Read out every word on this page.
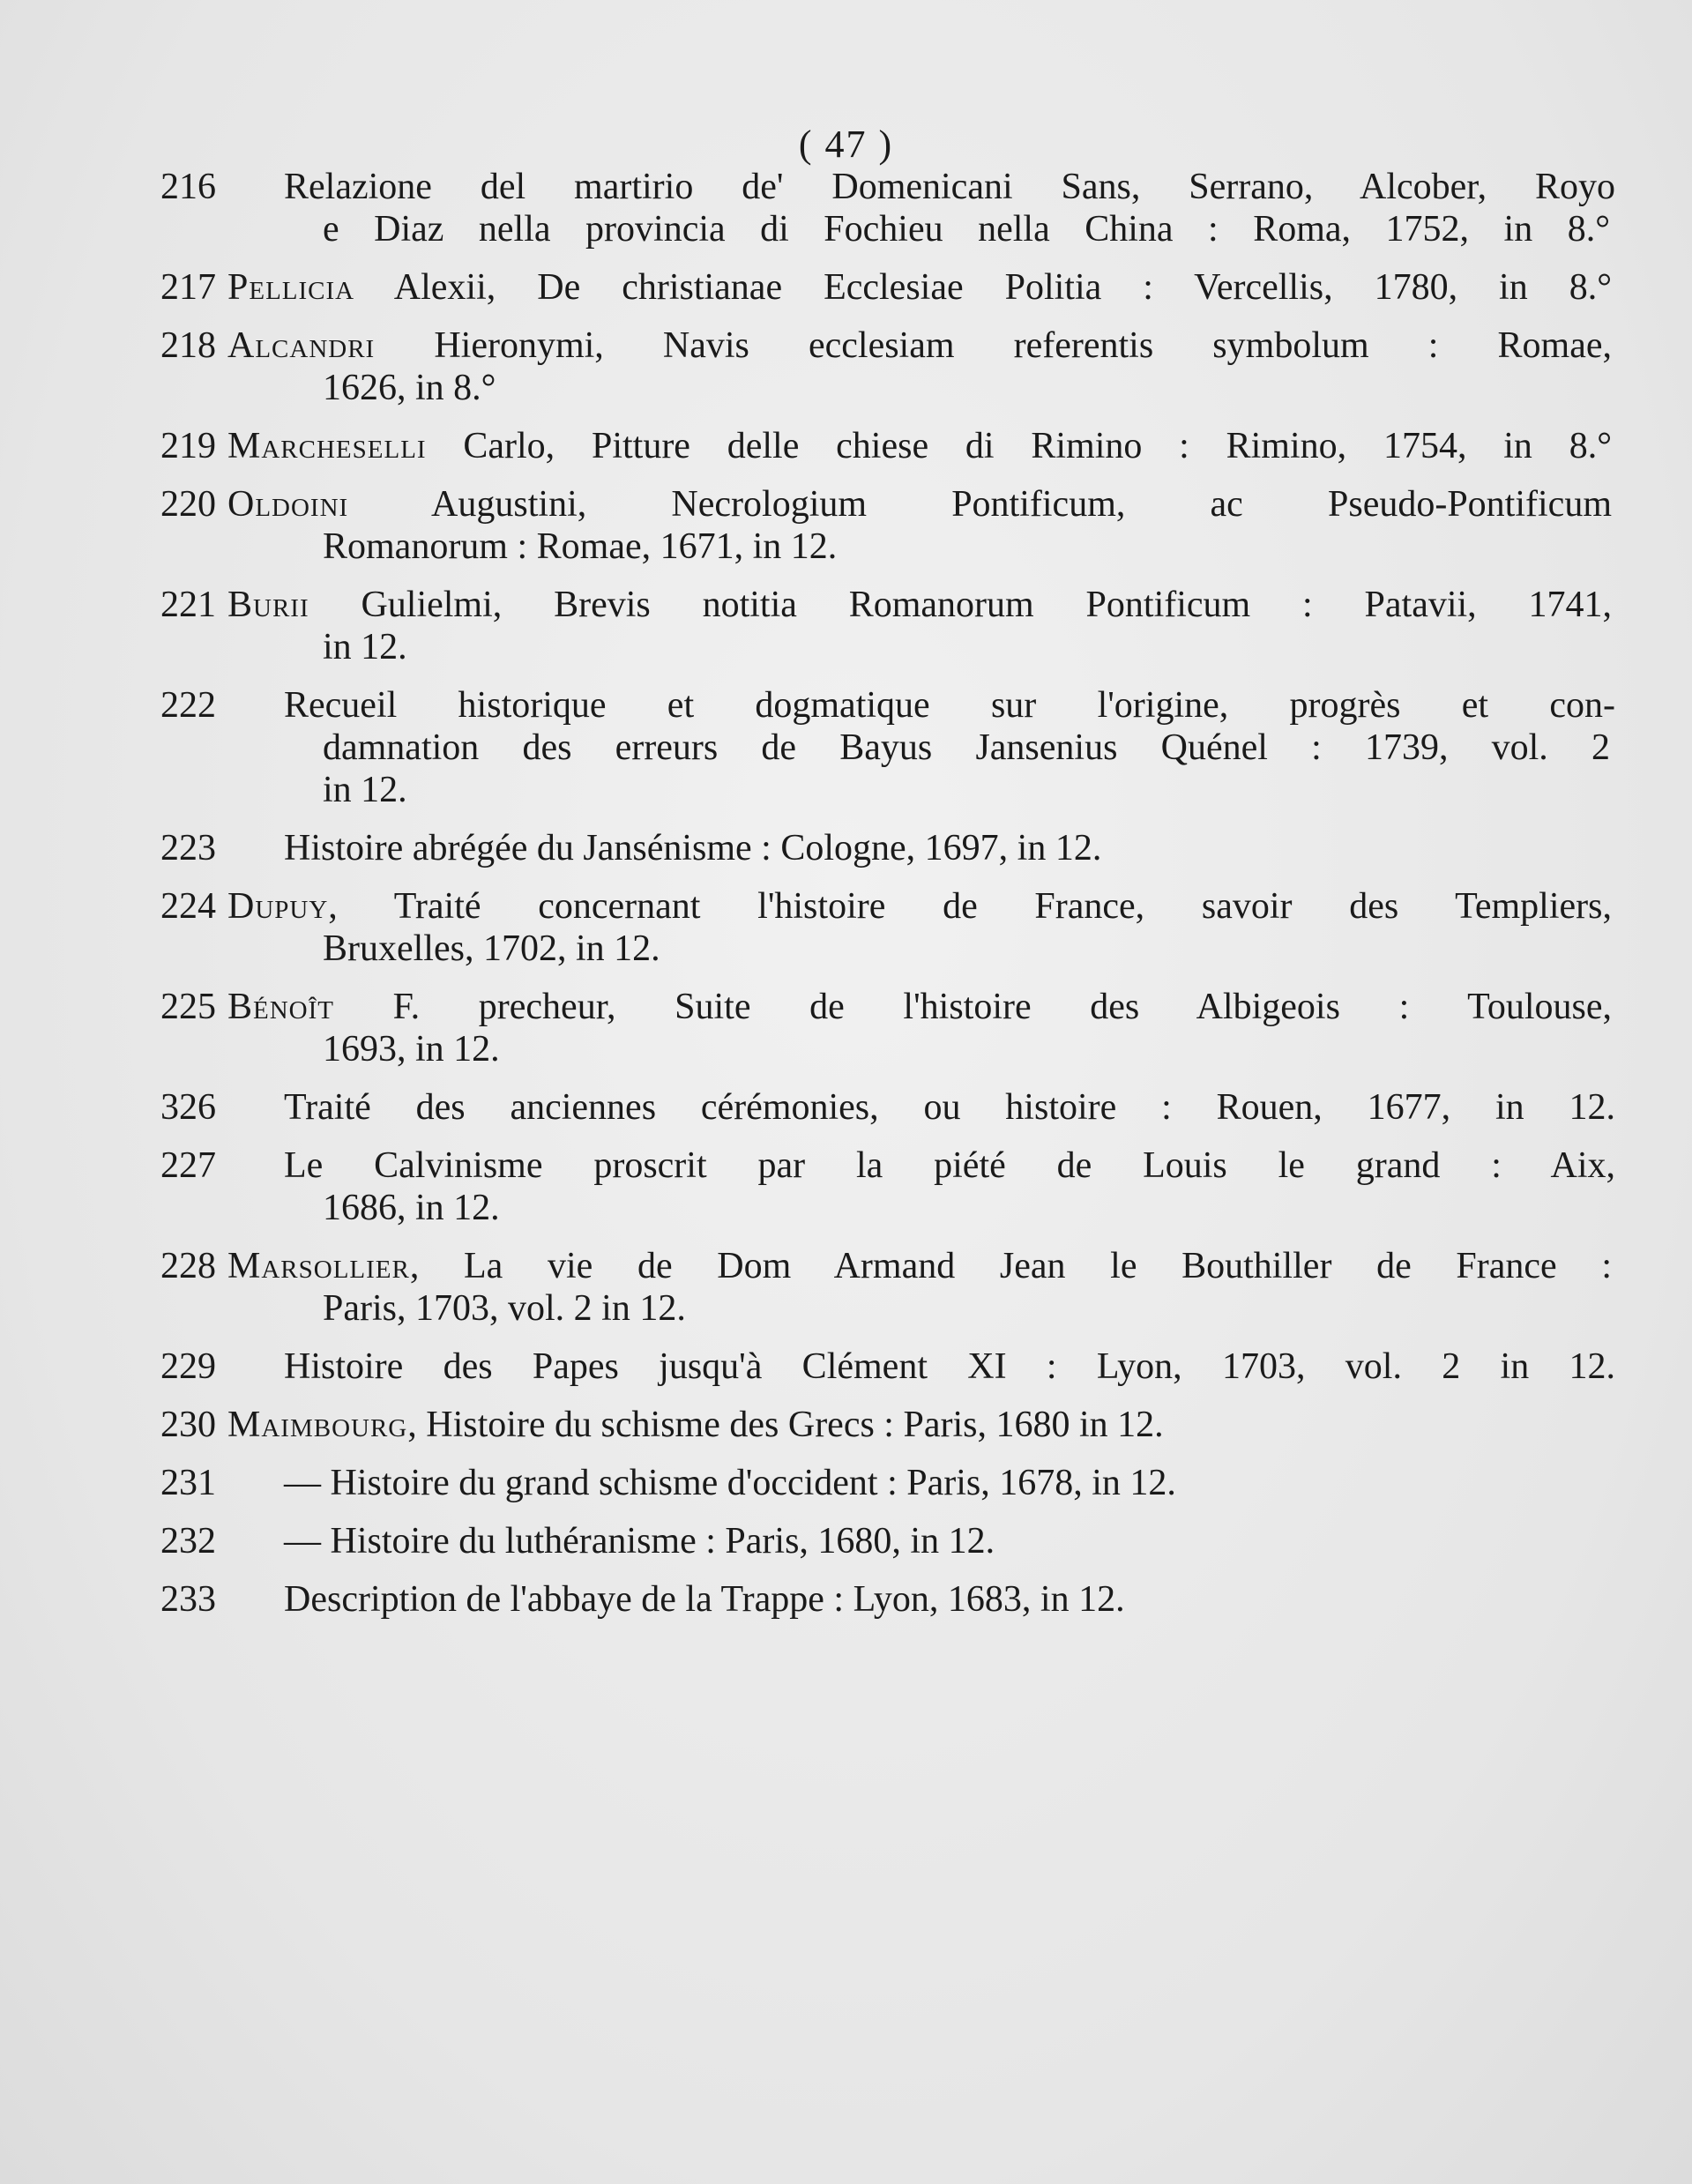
( 47 )
216	Relazione del martirio de' Domenicani Sans, Serrano, Alcober, Royo
e Diaz nella provincia di Fochieu nella China : Roma, 1752, in 8.°
217 Pellicia Alexii, De christianae Ecclesiae Politia : Vercellis, 1780, in 8.°
218 Alcandri Hieronymi, Navis ecclesiam referentis symbolum : Romae,
1626, in 8.°
219 Marcheselli Carlo, Pitture delle chiese di Rimino : Rimino, 1754, in 8.°
220 Oldoini Augustini, Necrologium Pontificum, ac Pseudo-Pontificum
Romanorum : Romae, 1671, in 12.
221 Burii Gulielmi, Brevis notitia Romanorum Pontificum : Patavii, 1741,
in 12.
222	Recueil historique et dogmatique sur l'origine, progrès et con-
damnation des erreurs de Bayus Jansenius Quénel : 1739, vol. 2
in 12.
223	Histoire abrégée du Jansénisme : Cologne, 1697, in 12.
224 Dupuy, Traité concernant l'histoire de France, savoir des Templiers,
Bruxelles, 1702, in 12.
225 Bénoît F. precheur, Suite de l'histoire des Albigeois : Toulouse,
1693, in 12.
326	Traité des anciennes cérémonies, ou histoire : Rouen, 1677, in 12.
227	Le Calvinisme proscrit par la piété de Louis le grand : Aix,
1686, in 12.
228 Marsollier, La vie de Dom Armand Jean le Bouthiller de France :
Paris, 1703, vol. 2 in 12.
229	Histoire des Papes jusqu'à Clément XI : Lyon, 1703, vol. 2 in 12.
230 Maimbourg, Histoire du schisme des Grecs : Paris, 1680 in 12.
231	— Histoire du grand schisme d'occident : Paris, 1678, in 12.
232	— Histoire du luthéranisme : Paris, 1680, in 12.
233	Description de l'abbaye de la Trappe : Lyon, 1683, in 12.
